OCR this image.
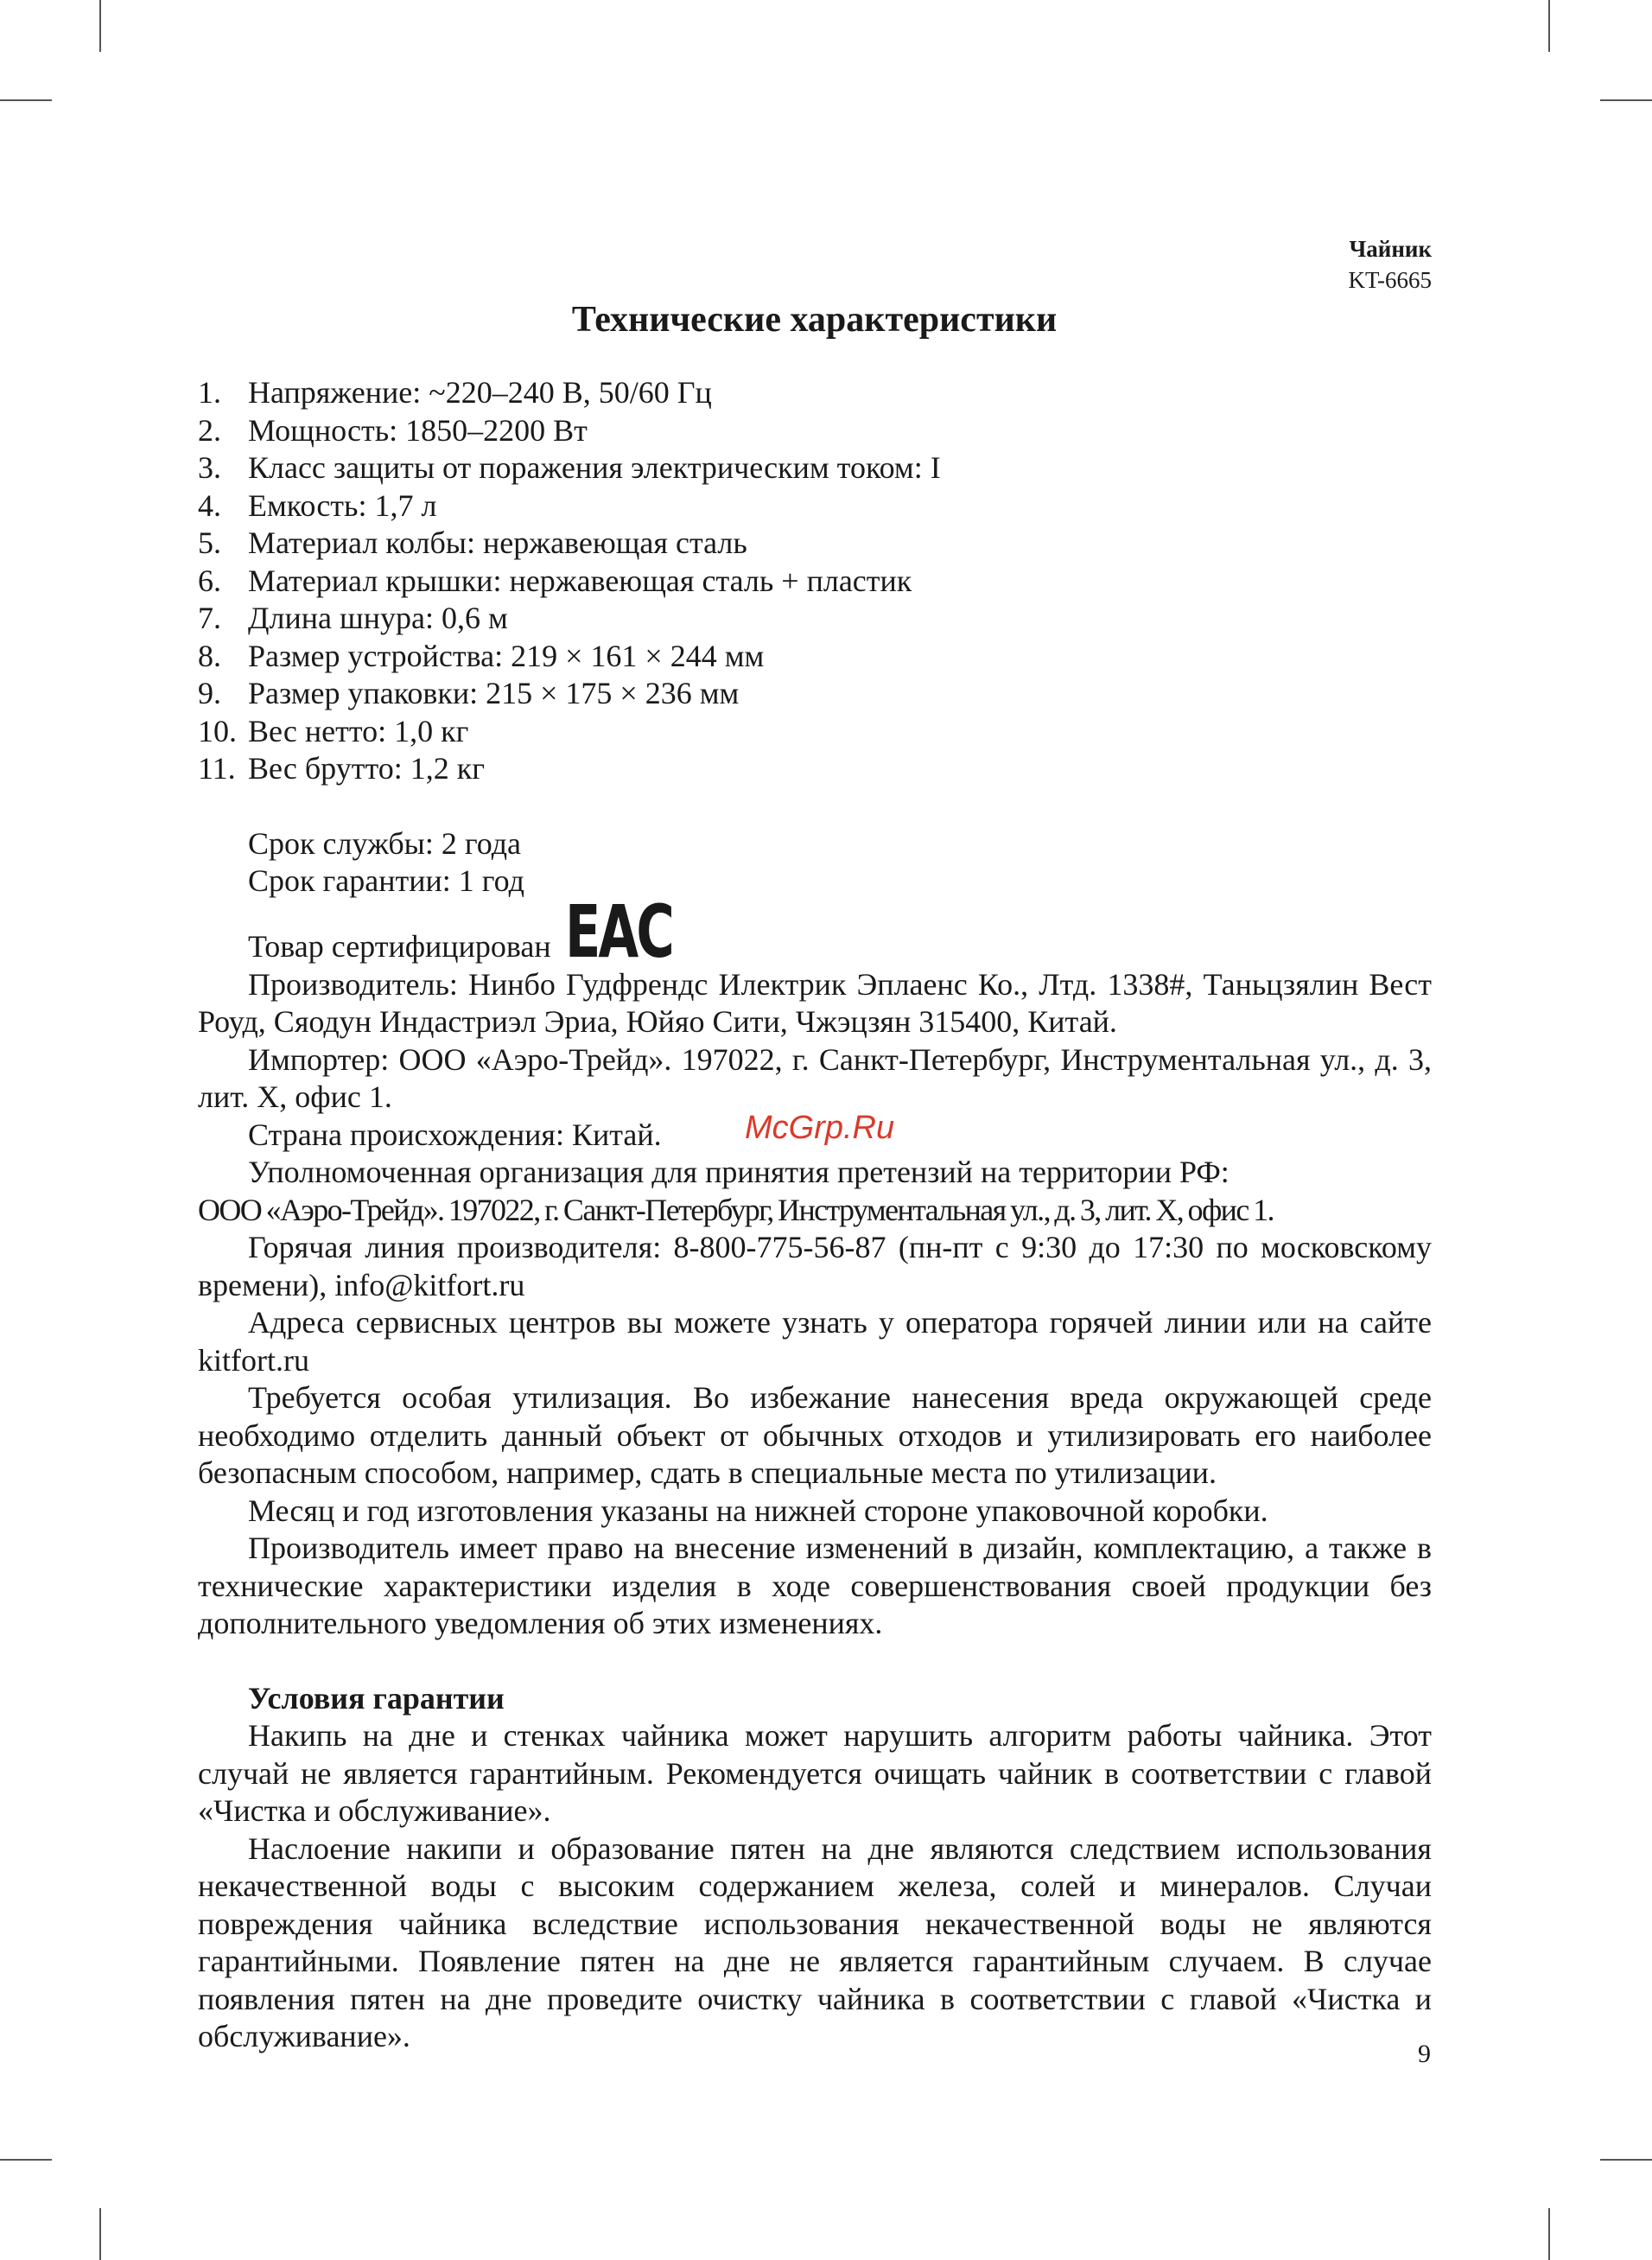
Чайник
KT-6665
Технические характеристики
1. Напряжение: ~220–240 В, 50/60 Гц
2. Мощность: 1850–2200 Вт
3. Класс защиты от поражения электрическим током: I
4. Емкость: 1,7 л
5. Материал колбы: нержавеющая сталь
6. Материал крышки: нержавеющая сталь + пластик
7. Длина шнура: 0,6 м
8. Размер устройства: 219 × 161 × 244 мм
9. Размер упаковки: 215 × 175 × 236 мм
10. Вес нетто: 1,0 кг
11. Вес брутто: 1,2 кг
Срок службы: 2 года
Срок гарантии: 1 год
Товар сертифицирован EAC

Производитель: Нинбо Гудфрендс Илектрик Эплаенс Ко., Лтд. 1338#, Таньцзялин Вест Роуд, Сяодун Индастриэл Эриа, Юйяо Сити, Чжэцзян 315400, Китай.

Импортер: ООО «Аэро-Трейд». 197022, г. Санкт-Петербург, Инструментальная ул., д. 3, лит. Х, офис 1.

Страна происхождения: Китай.

Уполномоченная организация для принятия претензий на территории РФ:

ООО «Аэро-Трейд». 197022, г. Санкт-Петербург, Инструментальная ул., д. 3, лит. Х, офис 1.

Горячая линия производителя: 8-800-775-56-87 (пн-пт с 9:30 до 17:30 по московскому времени), info@kitfort.ru

Адреса сервисных центров вы можете узнать у оператора горячей линии или на сайте kitfort.ru

Требуется особая утилизация. Во избежание нанесения вреда окружающей среде необходимо отделить данный объект от обычных отходов и утилизировать его наиболее безопасным способом, например, сдать в специальные места по утилизации.

Месяц и год изготовления указаны на нижней стороне упаковочной коробки.

Производитель имеет право на внесение изменений в дизайн, комплектацию, а также в технические характеристики изделия в ходе совершенствования своей продукции без дополнительного уведомления об этих изменениях.

Условия гарантии

Накипь на дне и стенках чайника может нарушить алгоритм работы чайника. Этот случай не является гарантийным. Рекомендуется очищать чайник в соответствии с главой «Чистка и обслуживание».

Наслоение накипи и образование пятен на дне являются следствием использования некачественной воды с высоким содержанием железа, солей и минералов. Случаи повреждения чайника вследствие использования некачественной воды не являются гарантийными. Появление пятен на дне не является гарантийным случаем. В случае появления пятен на дне проведите очистку чайника в соответствии с главой «Чистка и обслуживание».

McGrp.Ru
9
